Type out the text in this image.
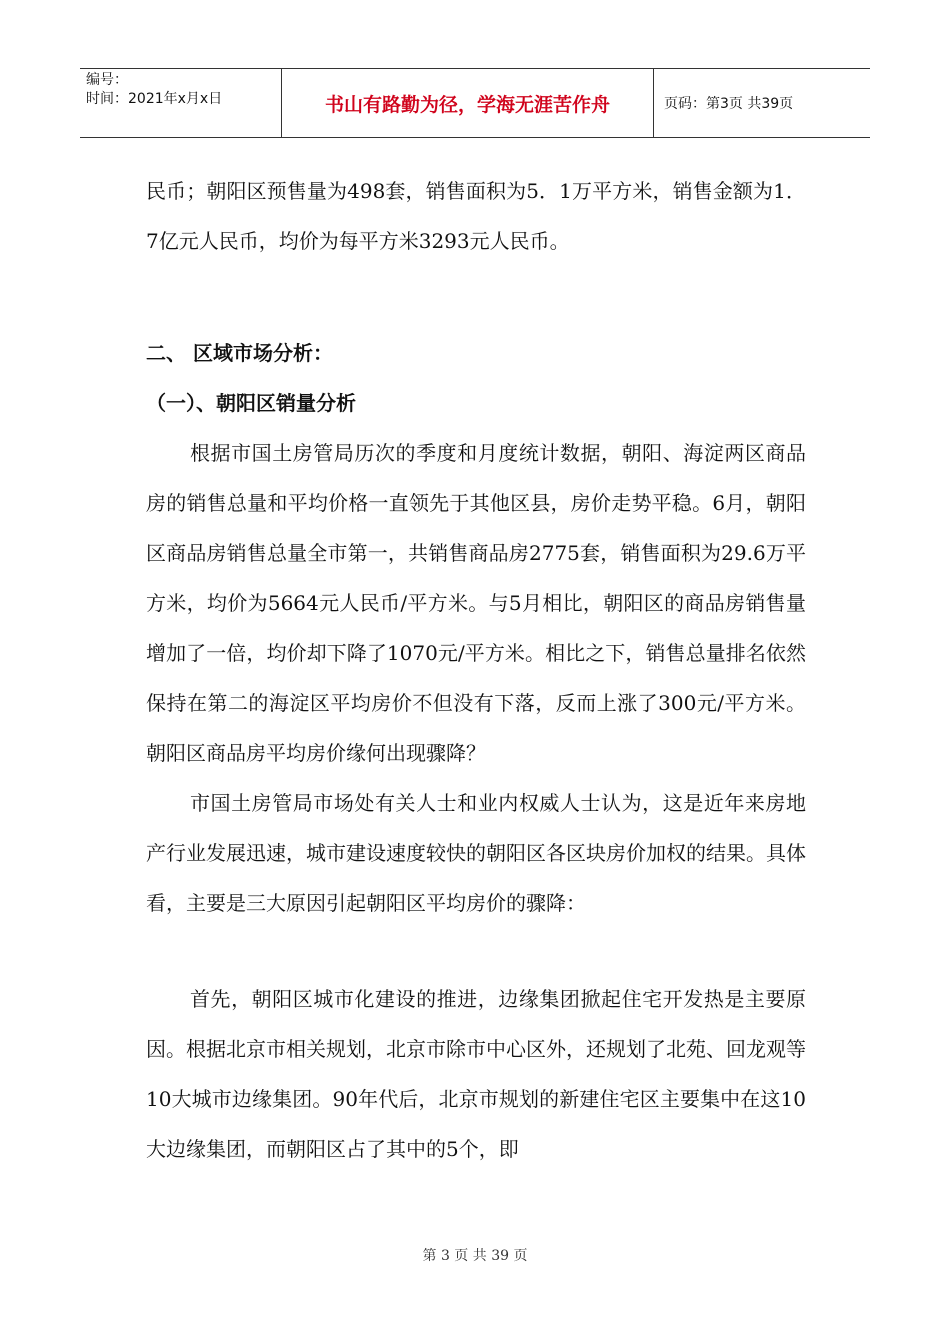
编号：
时间：2021年x月x日	书山有路勤为径，学海无涯苦作舟	页码：第3页 共39页

民币；朝阳区预售量为498套，销售面积为5．1万平方米，销售金额为1．7亿元人民币，均价为每平方米3293元人民币。

二、 区域市场分析：

（一）、朝阳区销量分析

根据市国土房管局历次的季度和月度统计数据，朝阳、海淀两区商品房的销售总量和平均价格一直领先于其他区县，房价走势平稳。6月，朝阳区商品房销售总量全市第一，共销售商品房2775套，销售面积为29.6万平方米，均价为5664元人民币/平方米。与5月相比，朝阳区的商品房销售量增加了一倍，均价却下降了1070元/平方米。相比之下，销售总量排名依然保持在第二的海淀区平均房价不但没有下落，反而上涨了300元/平方米。朝阳区商品房平均房价缘何出现骤降？

市国土房管局市场处有关人士和业内权威人士认为，这是近年来房地产行业发展迅速，城市建设速度较快的朝阳区各区块房价加权的结果。具体看，主要是三大原因引起朝阳区平均房价的骤降：

首先，朝阳区城市化建设的推进，边缘集团掀起住宅开发热是主要原因。根据北京市相关规划，北京市除市中心区外，还规划了北苑、回龙观等10大城市边缘集团。90年代后，北京市规划的新建住宅区主要集中在这10大边缘集团，而朝阳区占了其中的5个，即

第 3 页 共 39 页
